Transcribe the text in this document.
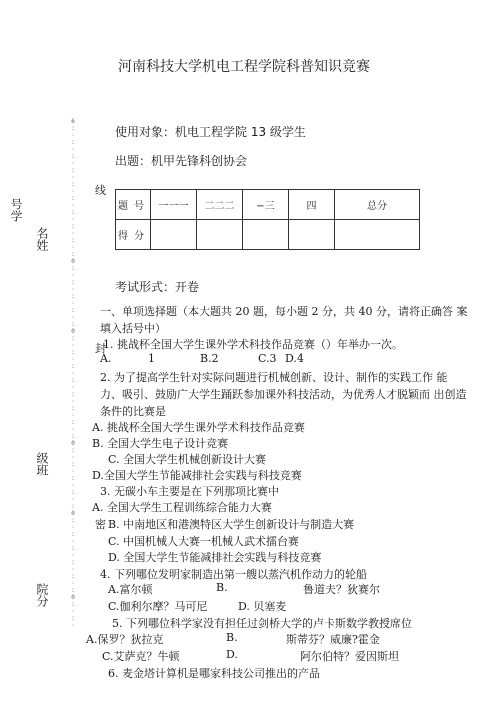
河南科技大学机电工程学院科普知识竞赛
号学
名姓
级班
院分
6
:
·
:
·
:
·
:
·
:
·
:
·
:
·
:
·
:
·
:
0
:
·
:
·
:
·
:
·
:
0
:
·
:
·
:
·
:
·
:
·
:
·
:
·
:
0
:
·
:
·
:
·
:
·
:
0
:
·
:
·
:
·
:
·
:
·
:
0
:
·
:
·
线
封
密
使用对象：机电工程学院 13 级学生
出题：机甲先锋科创协会
题号	一一一	二二二	−三	四	总分
得分					
考试形式：开卷
一、单项选择题（本大题共 20 题，每小题 2 分，共 40 分，请将正确答 案
填入括号中）
1. 挑战杯全国大学生课外学术科技作品竞赛（）年举办一次。
A.	1	B.2	C.3 D.4
2. 为了提高学生针对实际问题进行机械创新、设计、制作的实践工作 能
力、吸引、鼓励广大学生踊跃参加课外科技活动，为优秀人才脱颖而 出创造
条件的比赛是
A. 挑战杯全国大学生课外学术科技作品竞赛
B. 全国大学生电子设计竞赛
C. 全国大学生机械创新设计大赛
D.全国大学生节能减排社会实践与科技竞赛
3. 无碳小车主要是在下列那项比赛中
A. 全国大学生工程训练综合能力大赛
B. 中南地区和港澳特区大学生创新设计与制造大赛
C. 中国机械人大赛一机械人武术擂台赛
D. 全国大学生节能减排社会实践与科技竞赛
4. 下列哪位发明家制造出第一艘以蒸汽机作动力的轮船
A.富尔顿	B.	鲁道夫？狄赛尔
C.伽利尔摩？马可尼	D. 贝塞麦
5. 下列哪位科学家没有担任过剑桥大学的卢卡斯数学教授席位
A.保罗？狄拉克	B.	斯蒂芬？威廉?霍金
C.艾萨克？牛顿	D.	阿尔伯特？爱因斯坦
6. 麦金塔计算机是哪家科技公司推出的产品
